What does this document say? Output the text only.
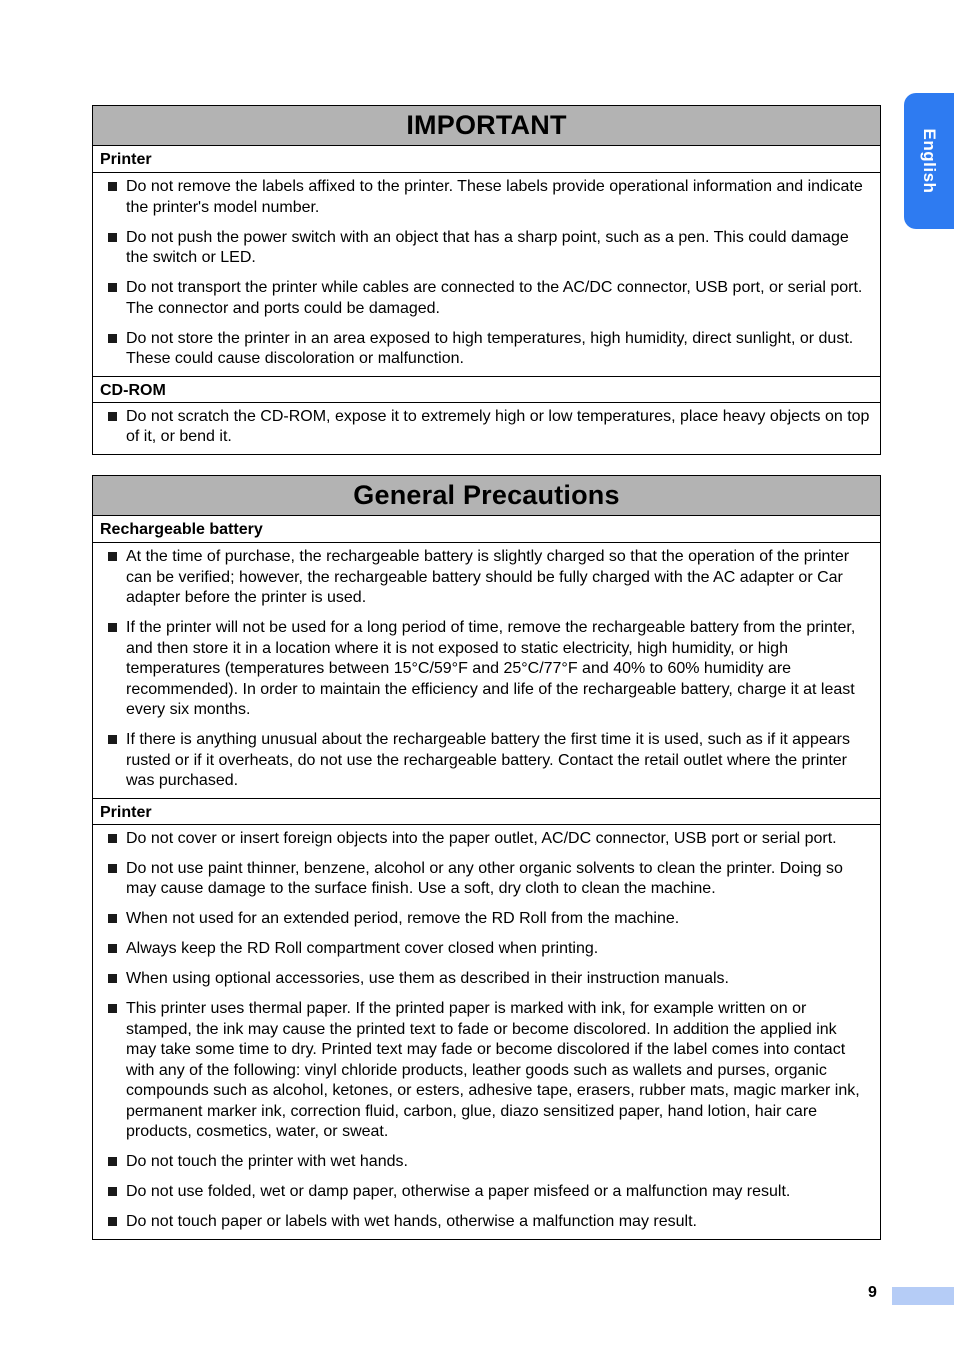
English
IMPORTANT
Printer
Do not remove the labels affixed to the printer. These labels provide operational information and indicate the printer's model number.
Do not push the power switch with an object that has a sharp point, such as a pen. This could damage the switch or LED.
Do not transport the printer while cables are connected to the AC/DC connector, USB port, or serial port. The connector and ports could be damaged.
Do not store the printer in an area exposed to high temperatures, high humidity, direct sunlight, or dust. These could cause discoloration or malfunction.
CD-ROM
Do not scratch the CD-ROM, expose it to extremely high or low temperatures, place heavy objects on top of it, or bend it.
General Precautions
Rechargeable battery
At the time of purchase, the rechargeable battery is slightly charged so that the operation of the printer can be verified; however, the rechargeable battery should be fully charged with the AC adapter or Car adapter before the printer is used.
If the printer will not be used for a long period of time, remove the rechargeable battery from the printer, and then store it in a location where it is not exposed to static electricity, high humidity, or high temperatures (temperatures between 15°C/59°F and 25°C/77°F and 40% to 60% humidity are recommended). In order to maintain the efficiency and life of the rechargeable battery, charge it at least every six months.
If there is anything unusual about the rechargeable battery the first time it is used, such as if it appears rusted or if it overheats, do not use the rechargeable battery. Contact the retail outlet where the printer was purchased.
Printer
Do not cover or insert foreign objects into the paper outlet, AC/DC connector, USB port or serial port.
Do not use paint thinner, benzene, alcohol or any other organic solvents to clean the printer. Doing so may cause damage to the surface finish. Use a soft, dry cloth to clean the machine.
When not used for an extended period, remove the RD Roll from the machine.
Always keep the RD Roll compartment cover closed when printing.
When using optional accessories, use them as described in their instruction manuals.
This printer uses thermal paper. If the printed paper is marked with ink, for example written on or stamped, the ink may cause the printed text to fade or become discolored. In addition the applied ink may take some time to dry. Printed text may fade or become discolored if the label comes into contact with any of the following: vinyl chloride products, leather goods such as wallets and purses, organic compounds such as alcohol, ketones, or esters, adhesive tape, erasers, rubber mats, magic marker ink, permanent marker ink, correction fluid, carbon, glue, diazo sensitized paper, hand lotion, hair care products, cosmetics, water, or sweat.
Do not touch the printer with wet hands.
Do not use folded, wet or damp paper, otherwise a paper misfeed or a malfunction may result.
Do not touch paper or labels with wet hands, otherwise a malfunction may result.
9
